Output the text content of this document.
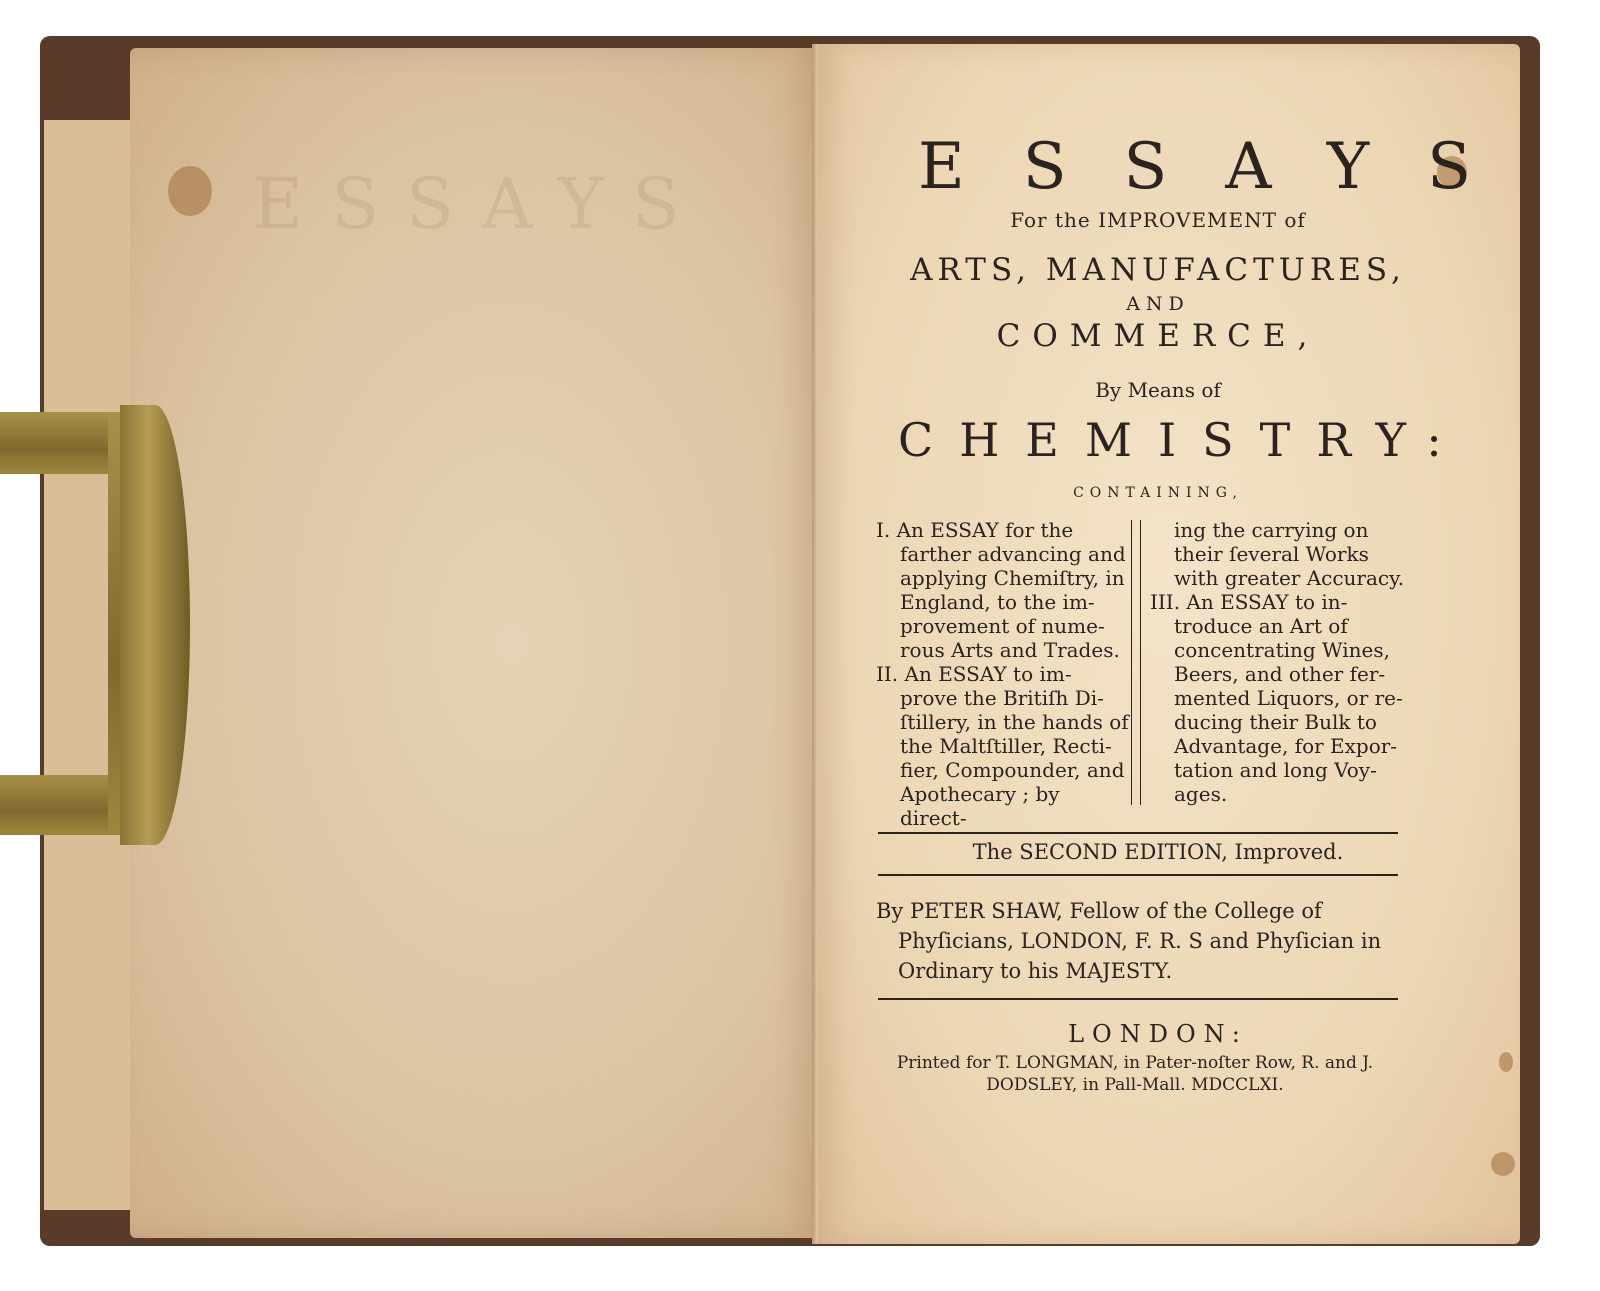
ESSAYS	ESSAYS
For the IMPROVEMENT of
ARTS, MANUFACTURES,
AND
COMMERCE,
By Means of
CHEMISTRY:
CONTAINING,

I. An ESSAY for the

farther advancing and

applying Chemiſtry, in

England, to the im-

provement of nume-

rous Arts and Trades.

II. An ESSAY to im-

prove the Britiſh Di-

ſtillery, in the hands of

the Maltſtiller, Recti-

fier, Compounder, and

Apothecary ; by direct-

ing the carrying on

their ſeveral Works

with greater Accuracy.

III. An ESSAY to in-

troduce an Art of

concentrating Wines,

Beers, and other fer-

mented Liquors, or re-

ducing their Bulk to

Advantage, for Expor-

tation and long Voy-

ages.

The SECOND EDITION, Improved.

By PETER SHAW, Fellow of the College of

Phyſicians, LONDON, F. R. S and Phyſician in

Ordinary to his MAJESTY.

LONDON:

Printed for T. LONGMAN, in Pater-noſter Row, R. and J.

DODSLEY, in Pall-Mall. MDCCLXI.
